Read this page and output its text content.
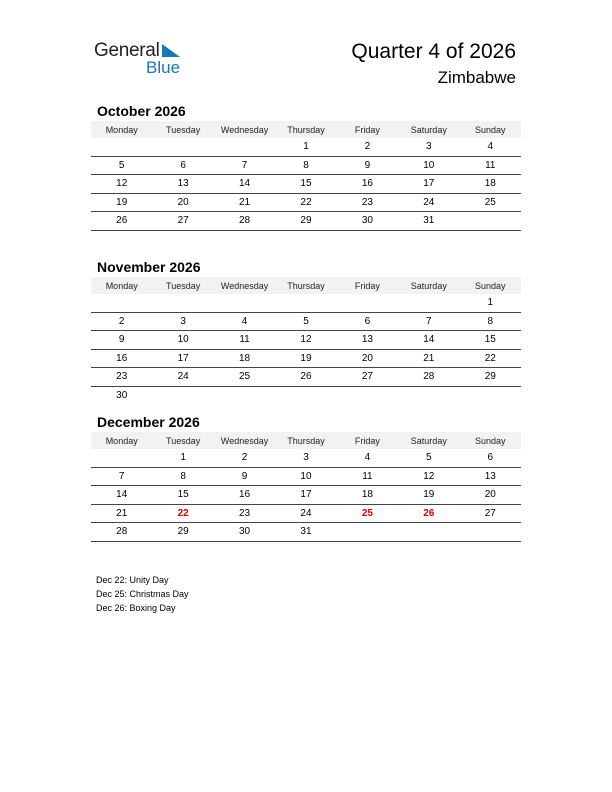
General
Blue
Quarter 4 of 2026
Zimbabwe
October 2026
Monday	Tuesday	Wednesday	Thursday	Friday	Saturday	Sunday
			1	2	3	4
5	6	7	8	9	10	11
12	13	14	15	16	17	18
19	20	21	22	23	24	25
26	27	28	29	30	31	
November 2026
Monday	Tuesday	Wednesday	Thursday	Friday	Saturday	Sunday
						1
2	3	4	5	6	7	8
9	10	11	12	13	14	15
16	17	18	19	20	21	22
23	24	25	26	27	28	29
30						
December 2026
Monday	Tuesday	Wednesday	Thursday	Friday	Saturday	Sunday
	1	2	3	4	5	6
7	8	9	10	11	12	13
14	15	16	17	18	19	20
21	22	23	24	25	26	27
28	29	30	31			
Dec 22: Unity Day
Dec 25: Christmas Day
Dec 26: Boxing Day
